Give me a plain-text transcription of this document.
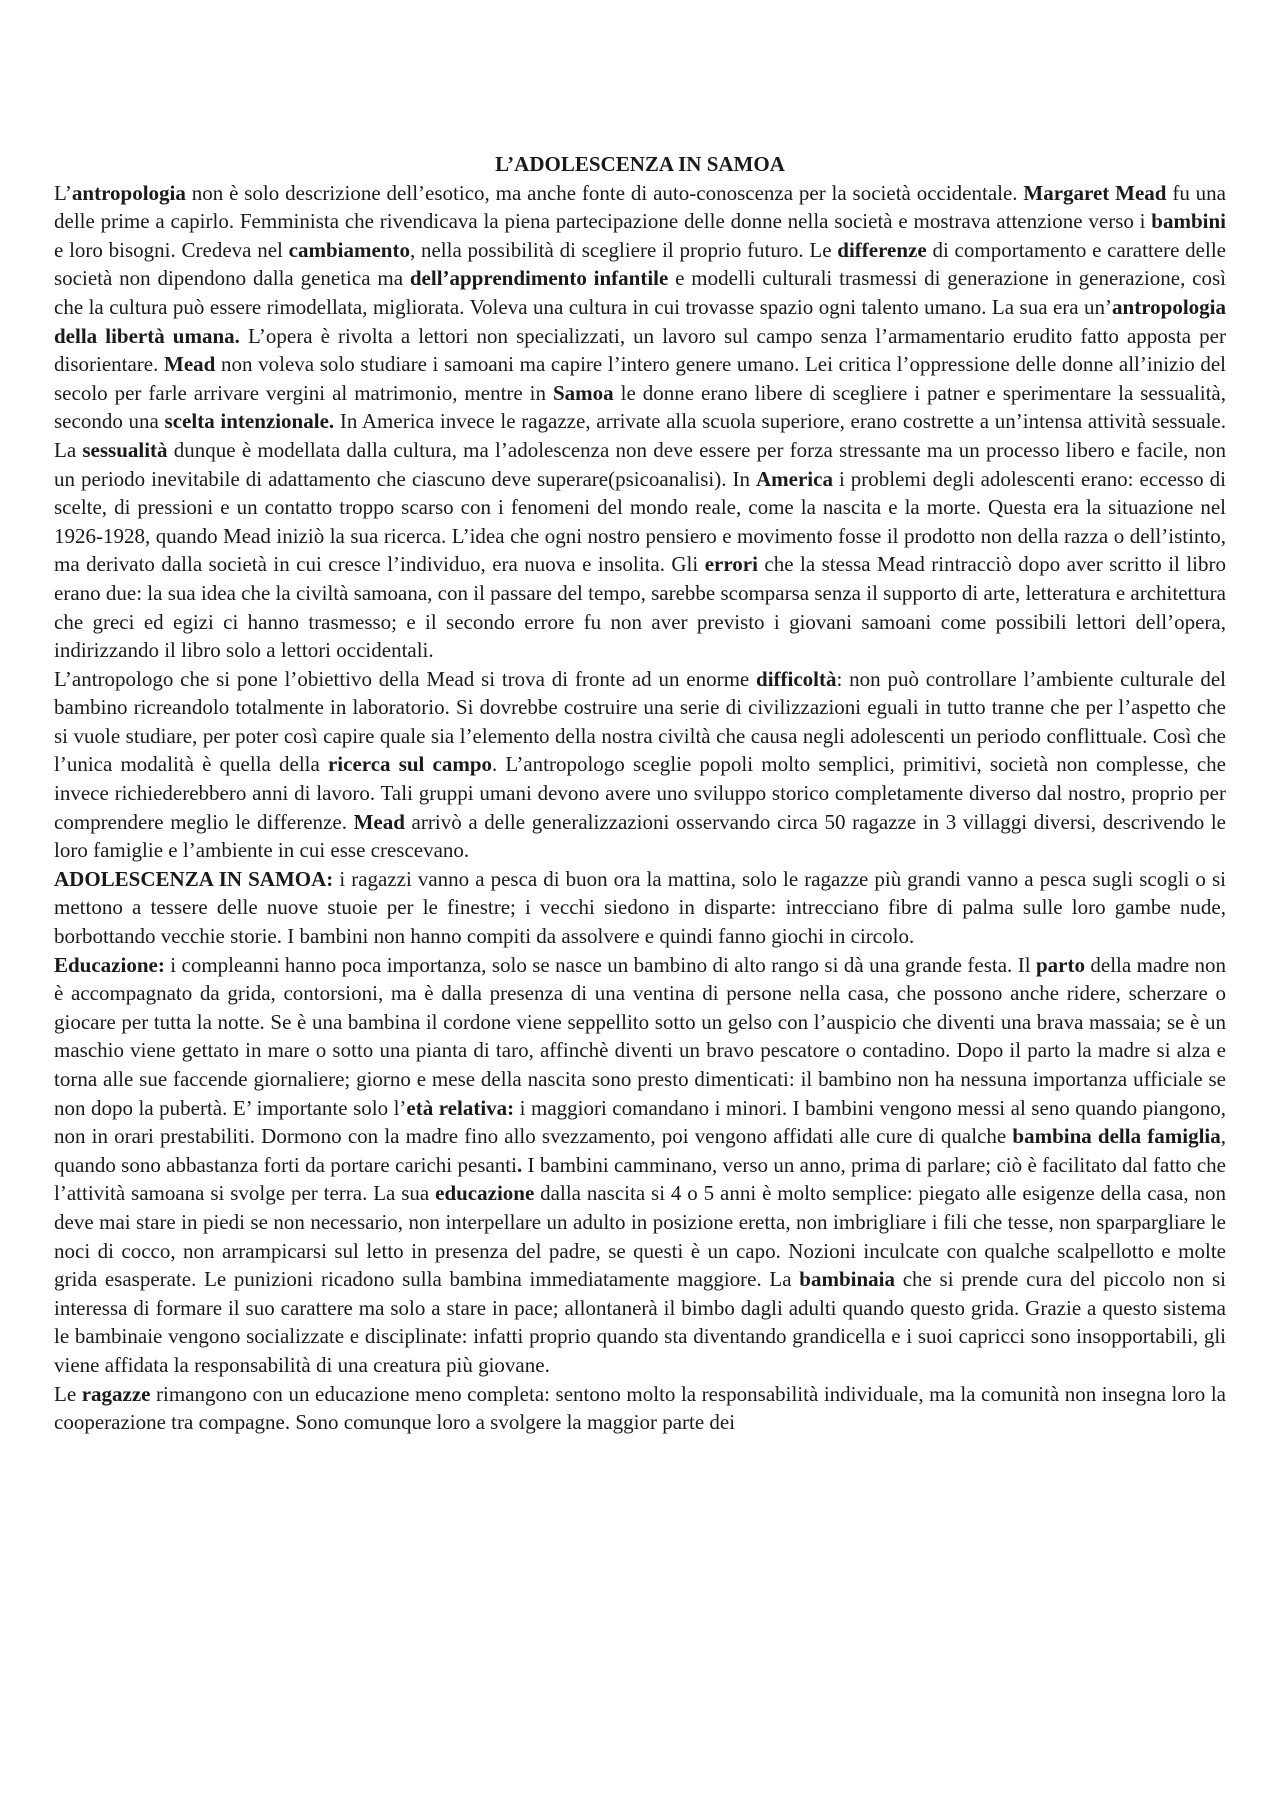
L’ADOLESCENZA IN SAMOA

L’antropologia non è solo descrizione dell’esotico, ma anche fonte di auto-conoscenza per la società occidentale. Margaret Mead fu una delle prime a capirlo. Femminista che rivendicava la piena partecipazione delle donne nella società e mostrava attenzione verso i bambini e loro bisogni. Credeva nel cambiamento, nella possibilità di scegliere il proprio futuro. Le differenze di comportamento e carattere delle società non dipendono dalla genetica ma dell’apprendimento infantile e modelli culturali trasmessi di generazione in generazione, così che la cultura può essere rimodellata, migliorata. Voleva una cultura in cui trovasse spazio ogni talento umano. La sua era un’antropologia della libertà umana. L’opera è rivolta a lettori non specializzati, un lavoro sul campo senza l’armamentario erudito fatto apposta per disorientare. Mead non voleva solo studiare i samoani ma capire l’intero genere umano. Lei critica l’oppressione delle donne all’inizio del secolo per farle arrivare vergini al matrimonio, mentre in Samoa le donne erano libere di scegliere i patner e sperimentare la sessualità, secondo una scelta intenzionale. In America invece le ragazze, arrivate alla scuola superiore, erano costrette a un’intensa attività sessuale. La sessualità dunque è modellata dalla cultura, ma l’adolescenza non deve essere per forza stressante ma un processo libero e facile, non un periodo inevitabile di adattamento che ciascuno deve superare(psicoanalisi). In America i problemi degli adolescenti erano: eccesso di scelte, di pressioni e un contatto troppo scarso con i fenomeni del mondo reale, come la nascita e la morte. Questa era la situazione nel 1926-1928, quando Mead iniziò la sua ricerca. L’idea che ogni nostro pensiero e movimento fosse il prodotto non della razza o dell’istinto, ma derivato dalla società in cui cresce l’individuo, era nuova e insolita. Gli errori che la stessa Mead rintracciò dopo aver scritto il libro erano due: la sua idea che la civiltà samoana, con il passare del tempo, sarebbe scomparsa senza il supporto di arte, letteratura e architettura che greci ed egizi ci hanno trasmesso; e il secondo errore fu non aver previsto i giovani samoani come possibili lettori dell’opera, indirizzando il libro solo a lettori occidentali.

L’antropologo che si pone l’obiettivo della Mead si trova di fronte ad un enorme difficoltà: non può controllare l’ambiente culturale del bambino ricreandolo totalmente in laboratorio. Si dovrebbe costruire una serie di civilizzazioni eguali in tutto tranne che per l’aspetto che si vuole studiare, per poter così capire quale sia l’elemento della nostra civiltà che causa negli adolescenti un periodo conflittuale. Così che l’unica modalità è quella della ricerca sul campo. L’antropologo sceglie popoli molto semplici, primitivi, società non complesse, che invece richiederebbero anni di lavoro. Tali gruppi umani devono avere uno sviluppo storico completamente diverso dal nostro, proprio per comprendere meglio le differenze. Mead arrivò a delle generalizzazioni osservando circa 50 ragazze in 3 villaggi diversi, descrivendo le loro famiglie e l’ambiente in cui esse crescevano.

ADOLESCENZA IN SAMOA: i ragazzi vanno a pesca di buon ora la mattina, solo le ragazze più grandi vanno a pesca sugli scogli o si mettono a tessere delle nuove stuoie per le finestre; i vecchi siedono in disparte: intrecciano fibre di palma sulle loro gambe nude, borbottando vecchie storie. I bambini non hanno compiti da assolvere e quindi fanno giochi in circolo.

Educazione: i compleanni hanno poca importanza, solo se nasce un bambino di alto rango si dà una grande festa. Il parto della madre non è accompagnato da grida, contorsioni, ma è dalla presenza di una ventina di persone nella casa, che possono anche ridere, scherzare o giocare per tutta la notte. Se è una bambina il cordone viene seppellito sotto un gelso con l’auspicio che diventi una brava massaia; se è un maschio viene gettato in mare o sotto una pianta di taro, affinchè diventi un bravo pescatore o contadino. Dopo il parto la madre si alza e torna alle sue faccende giornaliere; giorno e mese della nascita sono presto dimenticati: il bambino non ha nessuna importanza ufficiale se non dopo la pubertà. E’ importante solo l’età relativa: i maggiori comandano i minori. I bambini vengono messi al seno quando piangono, non in orari prestabiliti. Dormono con la madre fino allo svezzamento, poi vengono affidati alle cure di qualche bambina della famiglia, quando sono abbastanza forti da portare carichi pesanti. I bambini camminano, verso un anno, prima di parlare; ciò è facilitato dal fatto che l’attività samoana si svolge per terra. La sua educazione dalla nascita si 4 o 5 anni è molto semplice: piegato alle esigenze della casa, non deve mai stare in piedi se non necessario, non interpellare un adulto in posizione eretta, non imbrigliare i fili che tesse, non sparpargliare le noci di cocco, non arrampicarsi sul letto in presenza del padre, se questi è un capo. Nozioni inculcate con qualche scalpellotto e molte grida esasperate. Le punizioni ricadono sulla bambina immediatamente maggiore. La bambinaia che si prende cura del piccolo non si interessa di formare il suo carattere ma solo a stare in pace; allontanerà il bimbo dagli adulti quando questo grida. Grazie a questo sistema le bambinaie vengono socializzate e disciplinate: infatti proprio quando sta diventando grandicella e i suoi capricci sono insopportabili, gli viene affidata la responsabilità di una creatura più giovane.

Le ragazze rimangono con un educazione meno completa: sentono molto la responsabilità individuale, ma la comunità non insegna loro la cooperazione tra compagne. Sono comunque loro a svolgere la maggior parte dei
